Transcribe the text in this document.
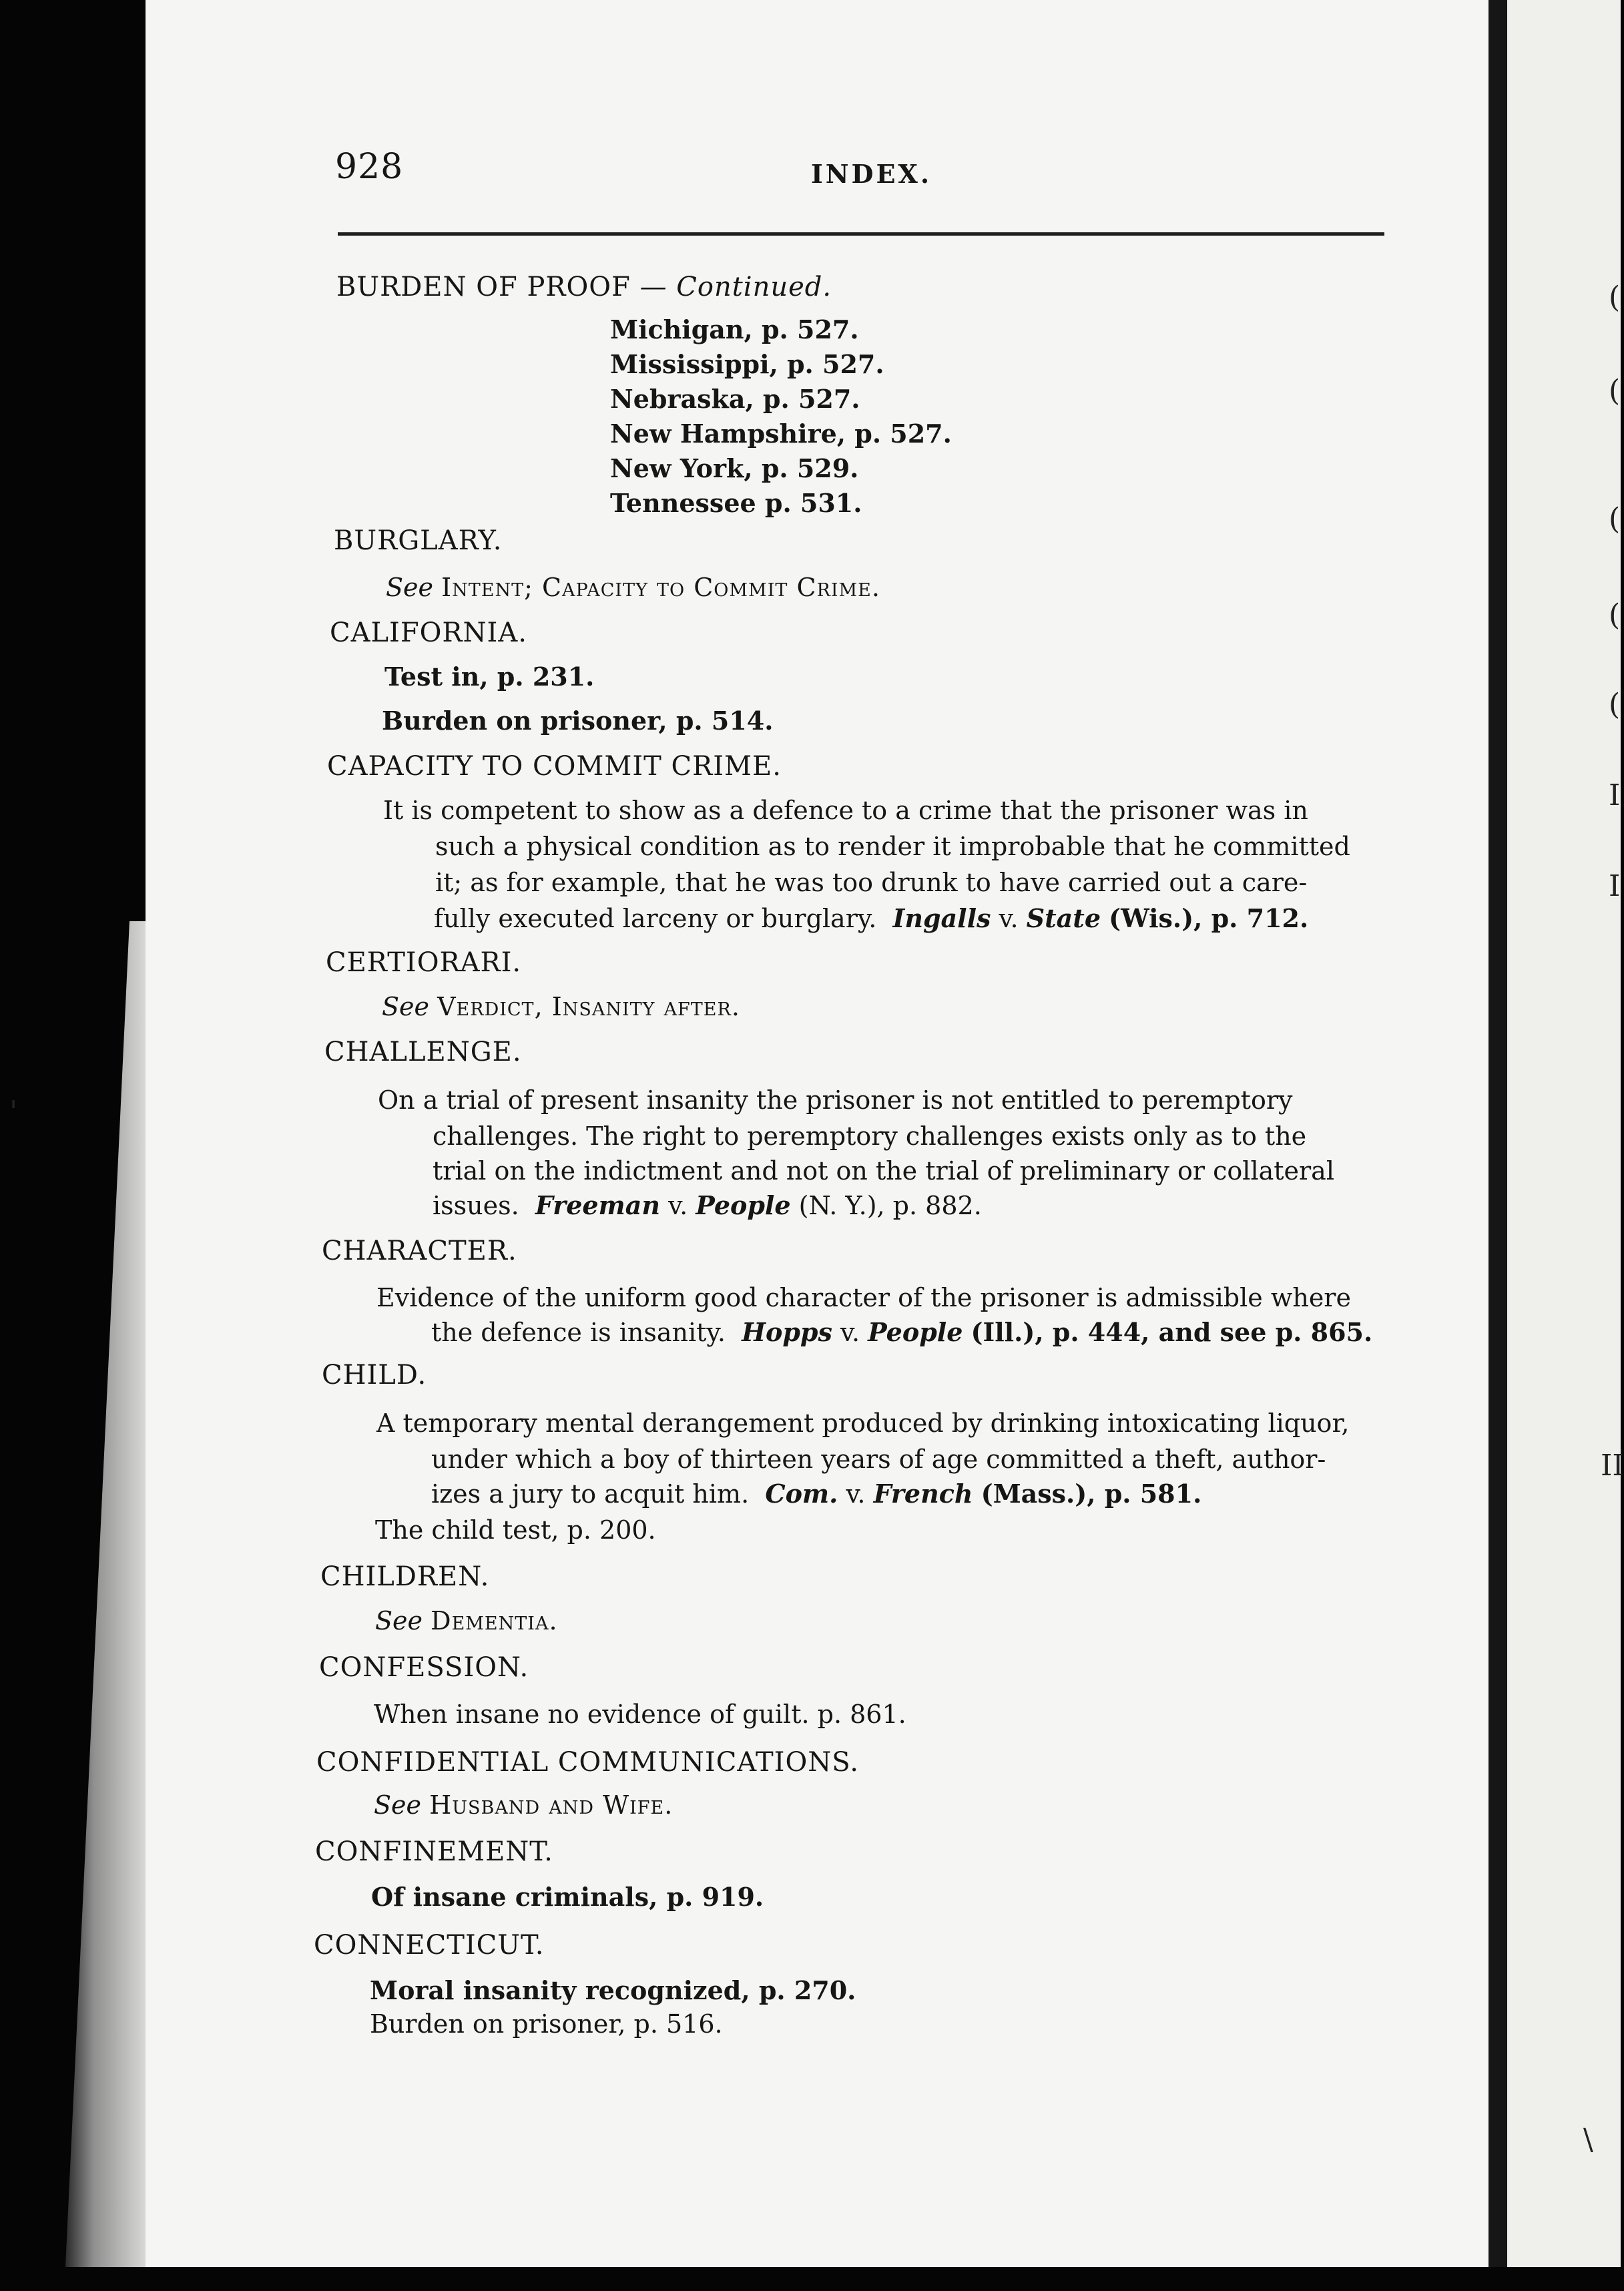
'
(
(
(
(
(
I
I
II
\
928	INDEX.
BURDEN OF PROOF — Continued.
Michigan, p. 527.
Mississippi, p. 527.
Nebraska, p. 527.
New Hampshire, p. 527.
New York, p. 529.
Tennessee p. 531.
BURGLARY.
See Intent; Capacity to Commit Crime.
CALIFORNIA.
Test in, p. 231.
Burden on prisoner, p. 514.
CAPACITY TO COMMIT CRIME.
It is competent to show as a defence to a crime that the prisoner was in
such a physical condition as to render it improbable that he committed
it; as for example, that he was too drunk to have carried out a care-
fully executed larceny or burglary. Ingalls v. State (Wis.), p. 712.
CERTIORARI.
See Verdict, Insanity after.
CHALLENGE.
On a trial of present insanity the prisoner is not entitled to peremptory
challenges. The right to peremptory challenges exists only as to the
trial on the indictment and not on the trial of preliminary or collateral
issues. Freeman v. People (N. Y.), p. 882.
CHARACTER.
Evidence of the uniform good character of the prisoner is admissible where
the defence is insanity. Hopps v. People (Ill.), p. 444, and see p. 865.
CHILD.
A temporary mental derangement produced by drinking intoxicating liquor,
under which a boy of thirteen years of age committed a theft, author-
izes a jury to acquit him. Com. v. French (Mass.), p. 581.
The child test, p. 200.
CHILDREN.
See Dementia.
CONFESSION.
When insane no evidence of guilt. p. 861.
CONFIDENTIAL COMMUNICATIONS.
See Husband and Wife.
CONFINEMENT.
Of insane criminals, p. 919.
CONNECTICUT.
Moral insanity recognized, p. 270.
Burden on prisoner, p. 516.
